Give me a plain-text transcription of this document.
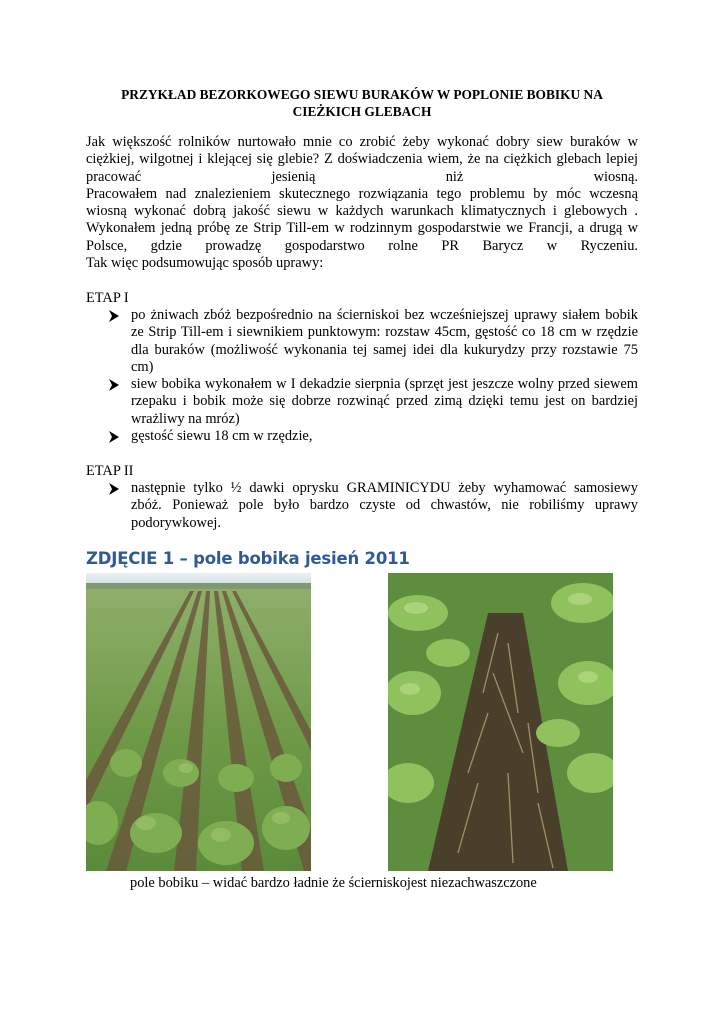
PRZYKŁAD BEZORKOWEGO SIEWU BURAKÓW W POPLONIE BOBIKU NA
CIEŻKICH GLEBACH

Jak większość rolników nurtowało mnie co zrobić żeby wykonać dobry siew buraków w ciężkiej, wilgotnej i klejącej się glebie? Z doświadczenia wiem, że na ciężkich glebach lepiej pracować jesienią niż wiosną.

Pracowałem nad znalezieniem skutecznego rozwiązania tego problemu by móc wczesną wiosną wykonać dobrą jakość siewu w każdych warunkach klimatycznych i glebowych . Wykonałem jedną próbę ze Strip Till-em w rodzinnym gospodarstwie we Francji, a drugą w Polsce, gdzie prowadzę gospodarstwo rolne PR Barycz w Ryczeniu.

Tak więc podsumowując sposób uprawy:

ETAP I

po żniwach zbóż bezpośrednio na ścierniskoi bez wcześniejszej uprawy siałem bobik ze Strip Till-em i siewnikiem punktowym: rozstaw 45cm, gęstość co 18 cm w rzędzie dla buraków (możliwość wykonania tej samej idei dla kukurydzy przy rozstawie 75 cm)
siew bobika wykonałem w I dekadzie sierpnia (sprzęt jest jeszcze wolny przed siewem rzepaku i bobik może się dobrze rozwinąć przed zimą dzięki temu jest on bardziej wrażliwy na mróz)
gęstość siewu 18 cm w rzędzie,

ETAP II

następnie tylko ½ dawki oprysku GRAMINICYDU żeby wyhamować samosiewy zbóż. Ponieważ pole było bardzo czyste od chwastów, nie robiliśmy uprawy podorywkowej.
ZDJĘCIE 1 – pole bobika jesień 2011
pole bobiku – widać bardzo ładnie że ścierniskojest niezachwaszczone
